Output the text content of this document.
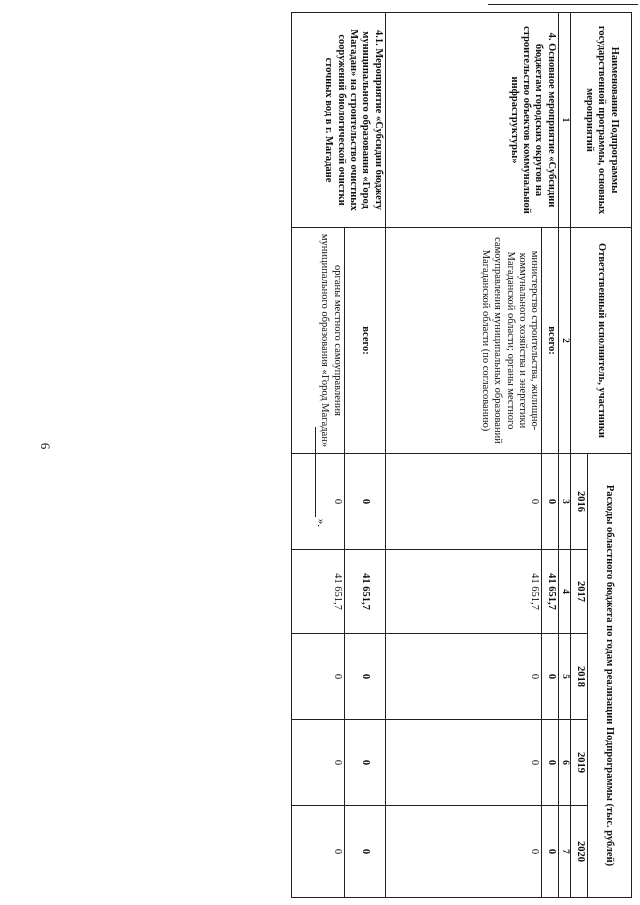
6
Наименование Подпрограммы государственной программы, основных мероприятий	Ответственный исполнитель, участники	Расходы областного бюджета по годам реализации Подпрограммы (тыс. рублей)				
		2016	2017	2018	2019	2020
1	2	3	4	5	6	7
4. Основное мероприятие «Субсидии бюджетам городских округов на строительство объектов коммунальной инфраструктуры»	всего:	0	41 651,7	0	0	0
	министерство строительства, жилищно-коммунального хозяйства и энергетики Магаданской области; органы местного самоуправления муниципальных образований Магаданской области (по согласованию)	0	41 651,7	0	0	0
4.1. Мероприятие «Субсидии бюджету муниципального образования «Город Магадан» на строительство очистных сооружений биологической очистки сточных вод в г. Магадане	всего:	0	41 651,7	0	0	0
	органы местного самоуправления муниципального образования «Город Магадан»	0	41 651,7	0	0	0
».
